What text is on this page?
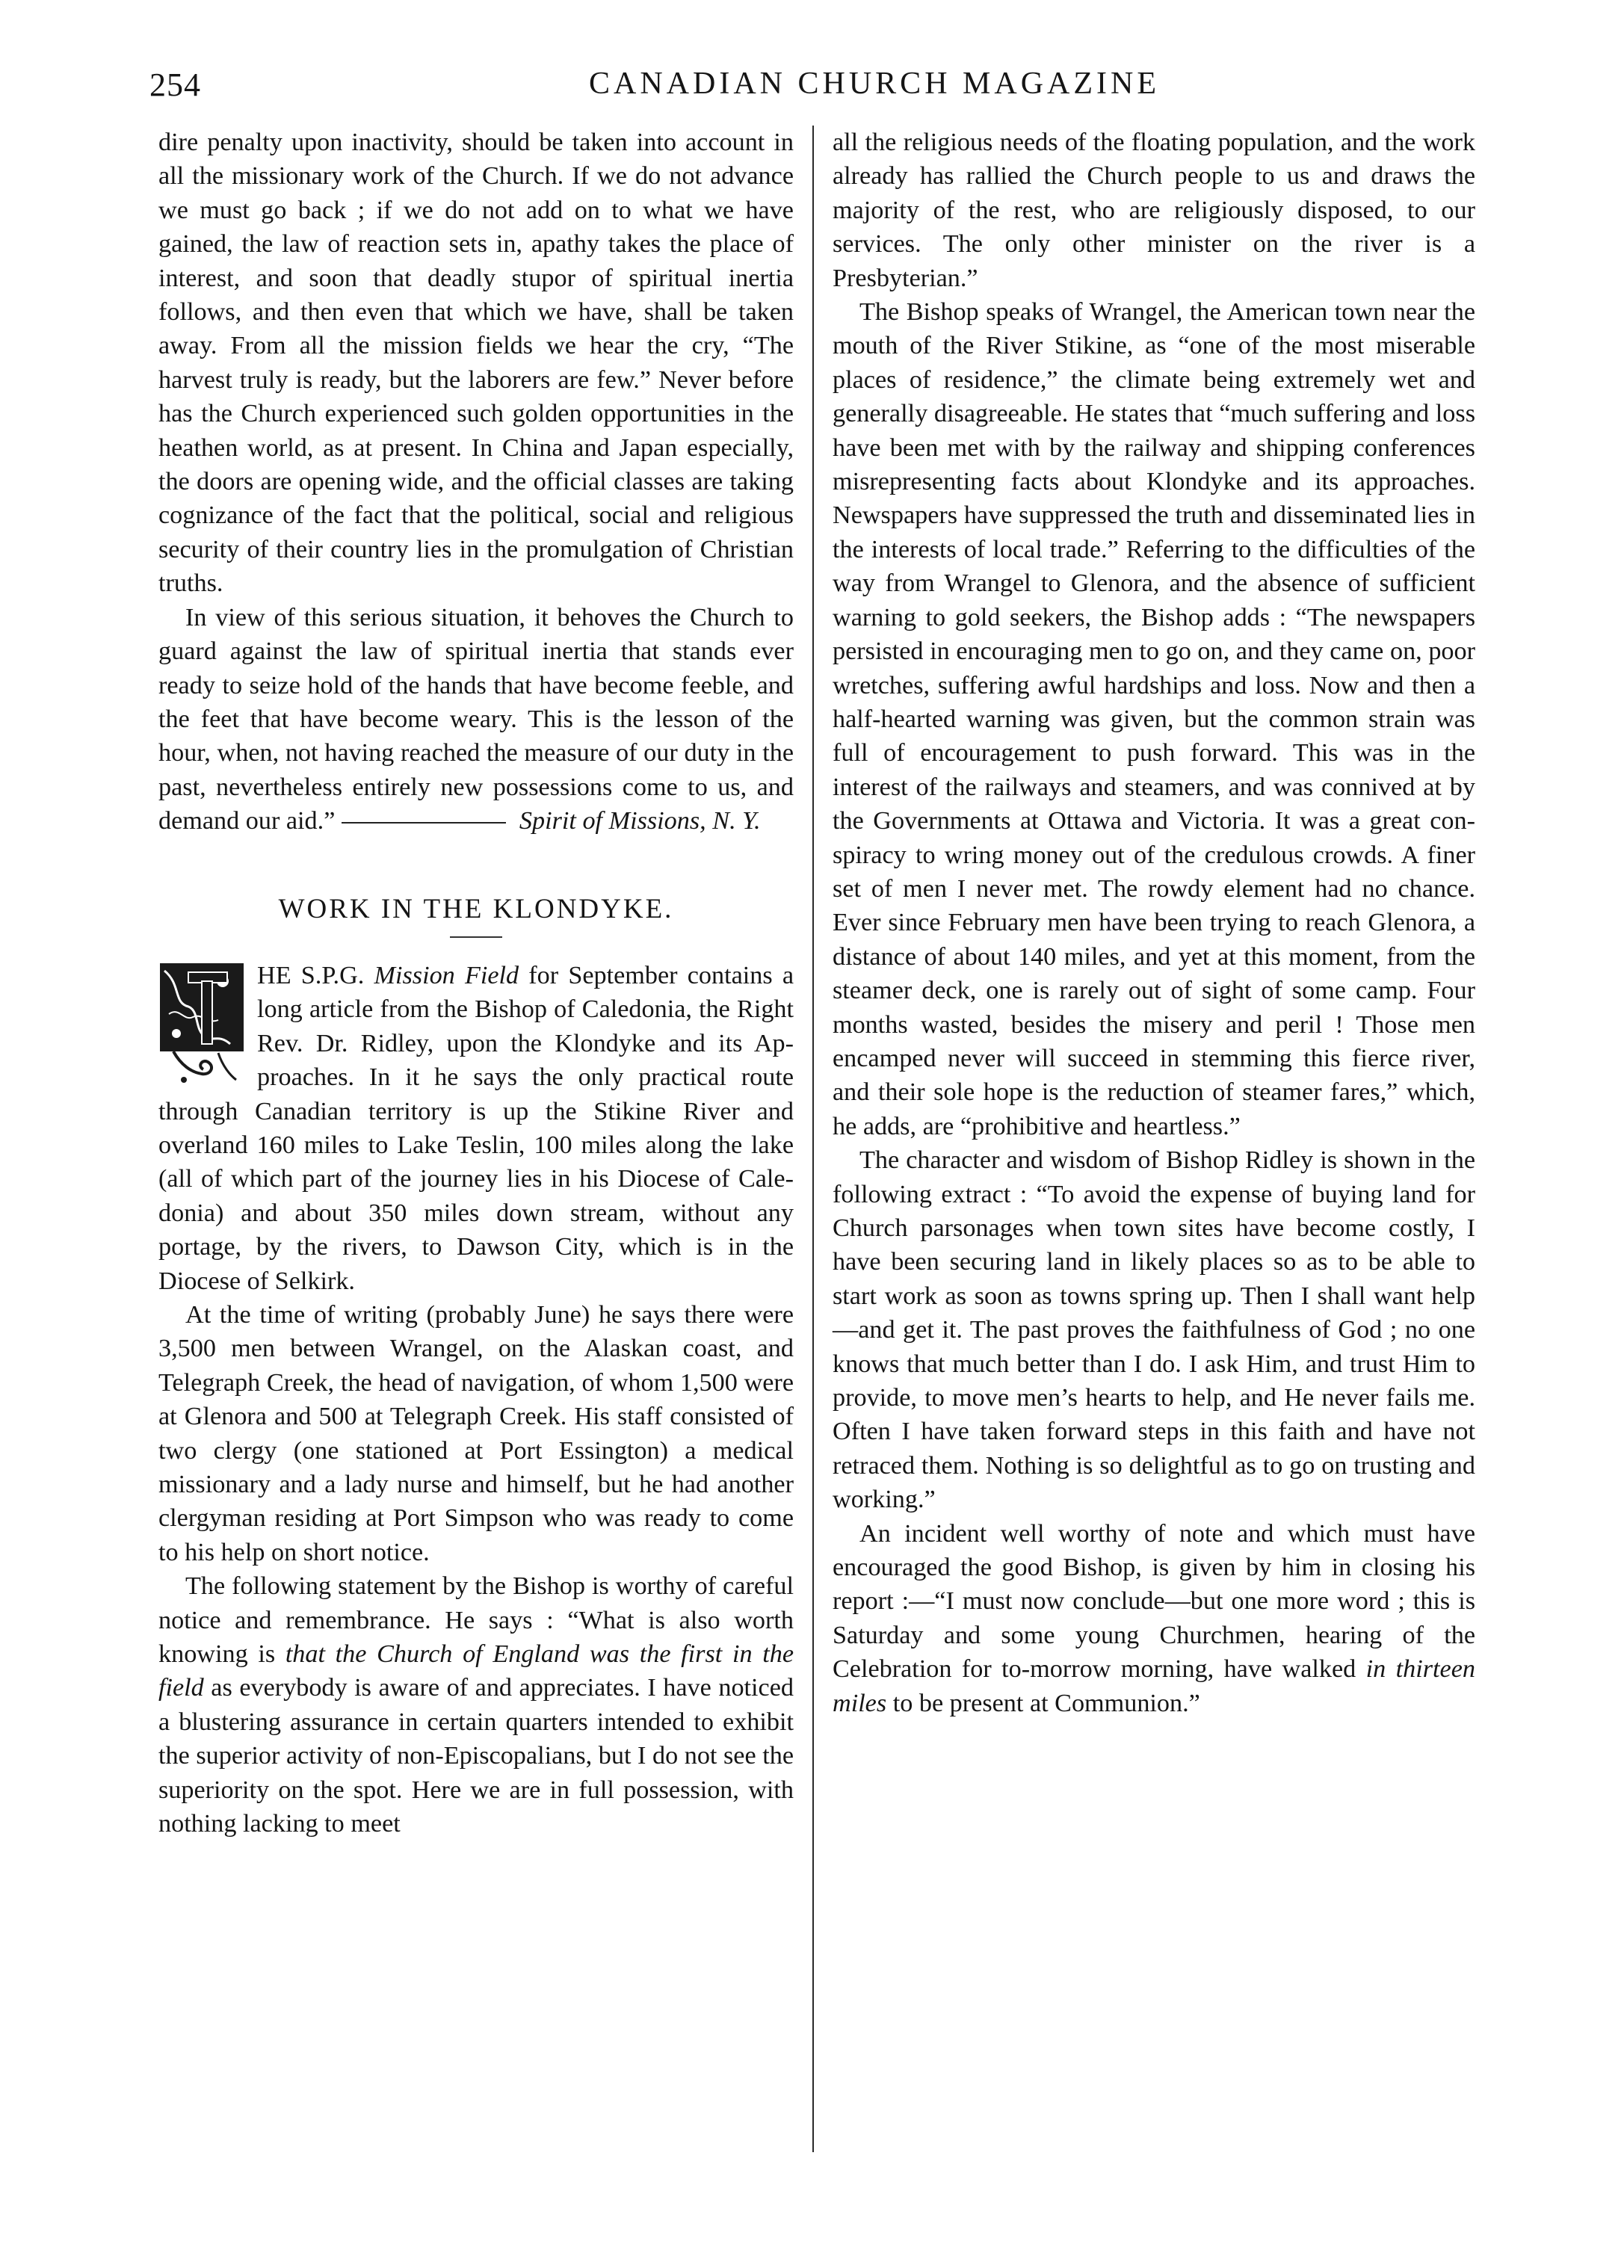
254	CANADIAN CHURCH MAGAZINE

dire penalty upon inactivity, should be taken into account in all the missionary work of the Church. If we do not advance we must go back ; if we do not add on to what we have gained, the law of reaction sets in, apathy takes the place of interest, and soon that deadly stupor of spiritual inertia follows, and then even that which we have, shall be taken away. From all the mission fields we hear the cry, “The harvest truly is ready, but the laborers are few.” Never before has the Church experienced such golden opportunities in the heathen world, as at present. In China and Japan especially, the doors are opening wide, and the official classes are taking cognizance of the fact that the political, social and religious security of their country lies in the promulgation of Christian truths.

In view of this serious situation, it behoves the Church to guard against the law of spiritual inertia that stands ever ready to seize hold of the hands that have become feeble, and the feet that have become weary. This is the lesson of the hour, when, not having reached the measure of our duty in the past, nevertheless entirely new possessions come to us, and demand our aid.”	Spirit of Missions, N. Y.

WORK IN THE KLONDYKE.

HE S.P.G. Mission Field for September contains a long article from the Bishop of Caledonia, the Right Rev. Dr. Ridley, upon the Klondyke and its Approaches. In it he says the only practical route through Canadian territory is up the Stikine River and overland 160 miles to Lake Teslin, 100 miles along the lake (all of which part of the journey lies in his Diocese of Caledonia) and about 350 miles down stream, without any portage, by the rivers, to Dawson City, which is in the Diocese of Selkirk.

At the time of writing (probably June) he says there were 3,500 men between Wrangel, on the Alaskan coast, and Telegraph Creek, the head of navigation, of whom 1,500 were at Glenora and 500 at Telegraph Creek. His staff consisted of two clergy (one stationed at Port Essington) a medical missionary and a lady nurse and himself, but he had another clergyman residing at Port Simpson who was ready to come to his help on short notice.

The following statement by the Bishop is worthy of careful notice and remembrance. He says : “What is also worth knowing is that the Church of England was the first in the field as everybody is aware of and appreciates. I have noticed a blustering assurance in certain quarters intended to exhibit the superior activity of non-Episcopalians, but I do not see the superiority on the spot. Here we are in full possession, with nothing lacking to meet

all the religious needs of the floating population, and the work already has rallied the Church people to us and draws the majority of the rest, who are religiously disposed, to our services. The only other minister on the river is a Presbyterian.”

The Bishop speaks of Wrangel, the American town near the mouth of the River Stikine, as “one of the most miserable places of residence,” the climate being extremely wet and generally disagreeable. He states that “much suffering and loss have been met with by the railway and shipping conferences misrepresenting facts about Klondyke and its approaches. Newspapers have suppressed the truth and disseminated lies in the interests of local trade.” Referring to the difficulties of the way from Wrangel to Glenora, and the absence of sufficient warning to gold seekers, the Bishop adds : “The newspapers persisted in encouraging men to go on, and they came on, poor wretches, suffering awful hardships and loss. Now and then a half-hearted warning was given, but the common strain was full of encouragement to push forward. This was in the interest of the railways and steamers, and was connived at by the Governments at Ottawa and Victoria. It was a great conspiracy to wring money out of the credulous crowds. A finer set of men I never met. The rowdy element had no chance. Ever since February men have been trying to reach Glenora, a distance of about 140 miles, and yet at this moment, from the steamer deck, one is rarely out of sight of some camp. Four months wasted, besides the misery and peril ! Those men encamped never will succeed in stemming this fierce river, and their sole hope is the reduction of steamer fares,” which, he adds, are “prohibitive and heartless.”

The character and wisdom of Bishop Ridley is shown in the following extract : “To avoid the expense of buying land for Church parsonages when town sites have become costly, I have been securing land in likely places so as to be able to start work as soon as towns spring up. Then I shall want help—and get it. The past proves the faithfulness of God ; no one knows that much better than I do. I ask Him, and trust Him to provide, to move men’s hearts to help, and He never fails me. Often I have taken forward steps in this faith and have not retraced them. Nothing is so delightful as to go on trusting and working.”

An incident well worthy of note and which must have encouraged the good Bishop, is given by him in closing his report :—“I must now conclude—but one more word ; this is Saturday and some young Churchmen, hearing of the Celebration for to-morrow morning, have walked in thirteen miles to be present at Communion.”
